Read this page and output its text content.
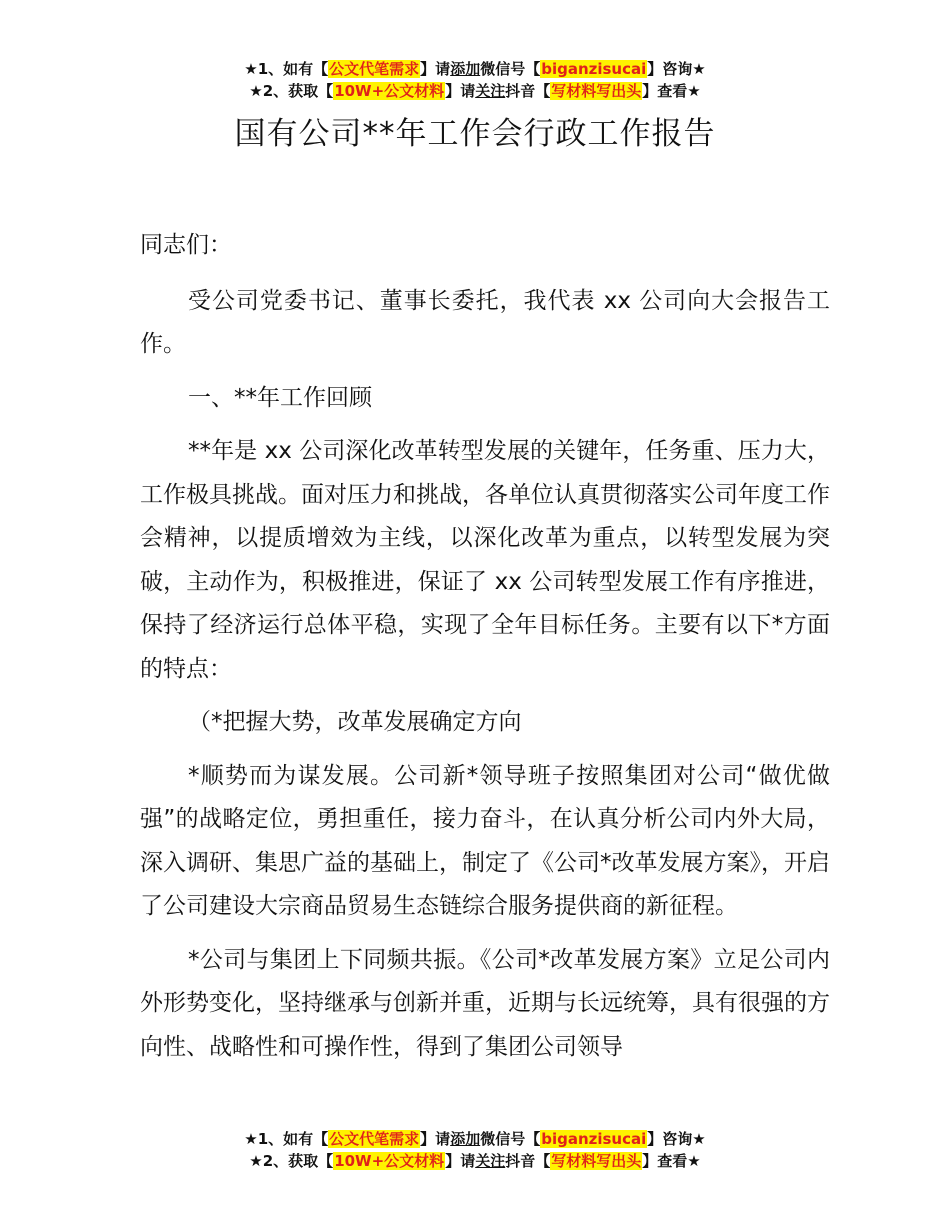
★1、如有【公文代笔需求】请添加微信号【biganzisucai】咨询★
★2、获取【10W+公文材料】请关注抖音【写材料写出头】查看★
国有公司**年工作会行政工作报告

同志们：

受公司党委书记、董事长委托，我代表 xx 公司向大会报告工作。

一、**年工作回顾

**年是 xx 公司深化改革转型发展的关键年，任务重、压力大，工作极具挑战。面对压力和挑战，各单位认真贯彻落实公司年度工作会精神，以提质增效为主线，以深化改革为重点，以转型发展为突破，主动作为，积极推进，保证了 xx 公司转型发展工作有序推进，保持了经济运行总体平稳，实现了全年目标任务。主要有以下*方面的特点：

（*把握大势，改革发展确定方向

*顺势而为谋发展。公司新*领导班子按照集团对公司“做优做强”的战略定位，勇担重任，接力奋斗，在认真分析公司内外大局，深入调研、集思广益的基础上，制定了《公司*改革发展方案》，开启了公司建设大宗商品贸易生态链综合服务提供商的新征程。

*公司与集团上下同频共振。《公司*改革发展方案》立足公司内外形势变化，坚持继承与创新并重，近期与长远统筹，具有很强的方向性、战略性和可操作性，得到了集团公司领导

★1、如有【公文代笔需求】请添加微信号【biganzisucai】咨询★
★2、获取【10W+公文材料】请关注抖音【写材料写出头】查看★
